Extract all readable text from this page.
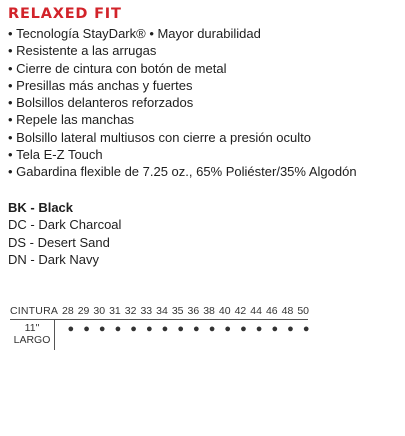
RELAXED FIT
• Tecnología StayDark® • Mayor durabilidad
• Resistente a las arrugas
• Cierre de cintura con botón de metal
• Presillas más anchas y fuertes
• Bolsillos delanteros reforzados
• Repele las manchas
• Bolsillo lateral multiusos con cierre a presión oculto
• Tela E-Z Touch
• Gabardina flexible de 7.25 oz., 65% Poliéster/35% Algodón
BK - Black
DC - Dark Charcoal
DS - Desert Sand
DN - Dark Navy
CINTURA 28 29 30 31 32 33 34 35 36 38 40 42 44 46 48 50
11"
LARGO
● ● ● ● ● ● ● ● ● ● ● ● ● ● ● ●
